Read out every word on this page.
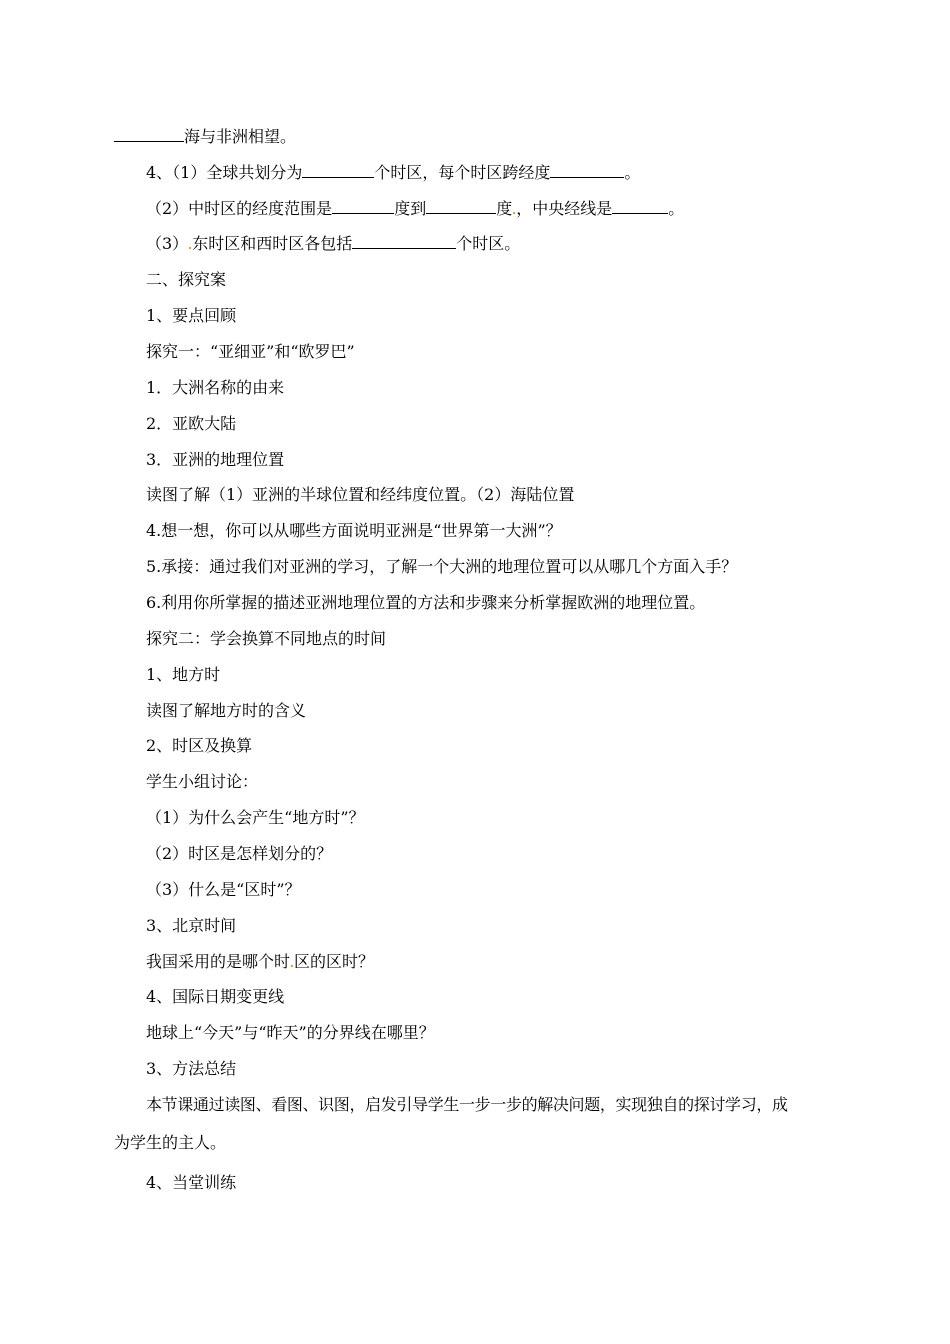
海与非洲相望。
4、（1）全球共划分为	个时区，每个时区跨经度	。
（2）中时区的经度范围是	度到	度 ，中央经线是	。
（3） 东时区和西时区各包括	个时区。
二、探究案
1、要点回顾
探究一：“亚细亚”和“欧罗巴”
1．大洲名称的由来
2．亚欧大陆
3．亚洲的地理位置
读图了解（1）亚洲的半球位置和经纬度位置。（2）海陆位置
4.想一想，你可以从哪些方面说明亚洲是“世界第一大洲”？
5.承接：通过我们对亚洲的学习，了解一个大洲的地理位置可以从哪几个方面入手？
6.利用你所掌握的描述亚洲地理位置的方法和步骤来分析掌握欧洲的地理位置。
探究二：学会换算不同地点的时间
1、地方时
读图了解地方时的含义
2、时区及换算
学生小组讨论：
（1）为什么会产生“地方时”？
（2）时区是怎样划分的？
（3）什么是“区时”？
3、北京时间
我国采用的是哪个时 区的区时？
4、国际日期变更线
地球上“今天”与“昨天”的分界线在哪里？
3、方法总结
本节课通过读图、看图、识图，启发引导学生一步一步的解决问题，实现独自的探讨学习，成
为学生的主人。
4、当堂训练
